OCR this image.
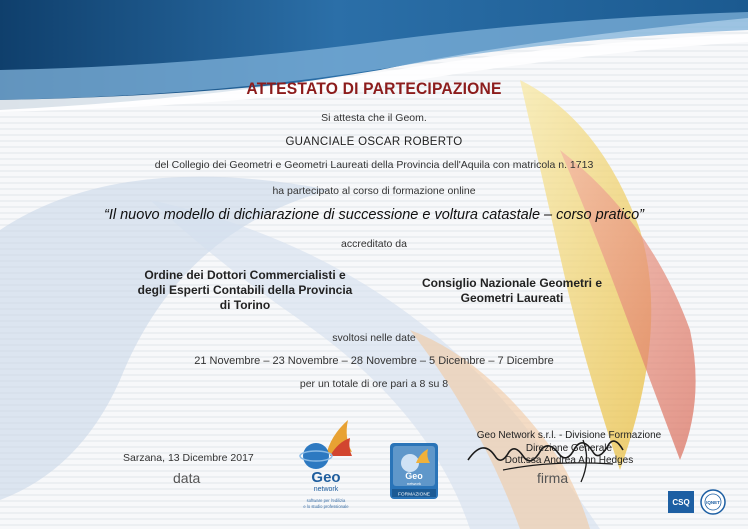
ATTESTATO DI PARTECIPAZIONE
Si attesta che il Geom.
GUANCIALE OSCAR ROBERTO
del Collegio dei Geometri e Geometri Laureati della Provincia dell'Aquila con matricola n. 1713
ha partecipato al corso di formazione online
“Il nuovo modello di dichiarazione di successione e voltura catastale – corso pratico”
accreditato da
Ordine dei Dottori Commercialisti e
degli Esperti Contabili della Provincia
di Torino
Consiglio Nazionale Geometri e
Geometri Laureati
svoltosi nelle date
21 Novembre – 23 Novembre – 28 Novembre – 5 Dicembre – 7 Dicembre
per un totale di ore pari a 8 su 8
Sarzana, 13 Dicembre 2017
data	Geo
network
software per l'edilizia
e lo studio professionale
Geo
network
FORMAZIONE
Geo Network s.r.l. - Divisione Formazione
Direzione Generale
Dott.ssa Andrea Ann Hedges
firma
CSQ	IQNET
